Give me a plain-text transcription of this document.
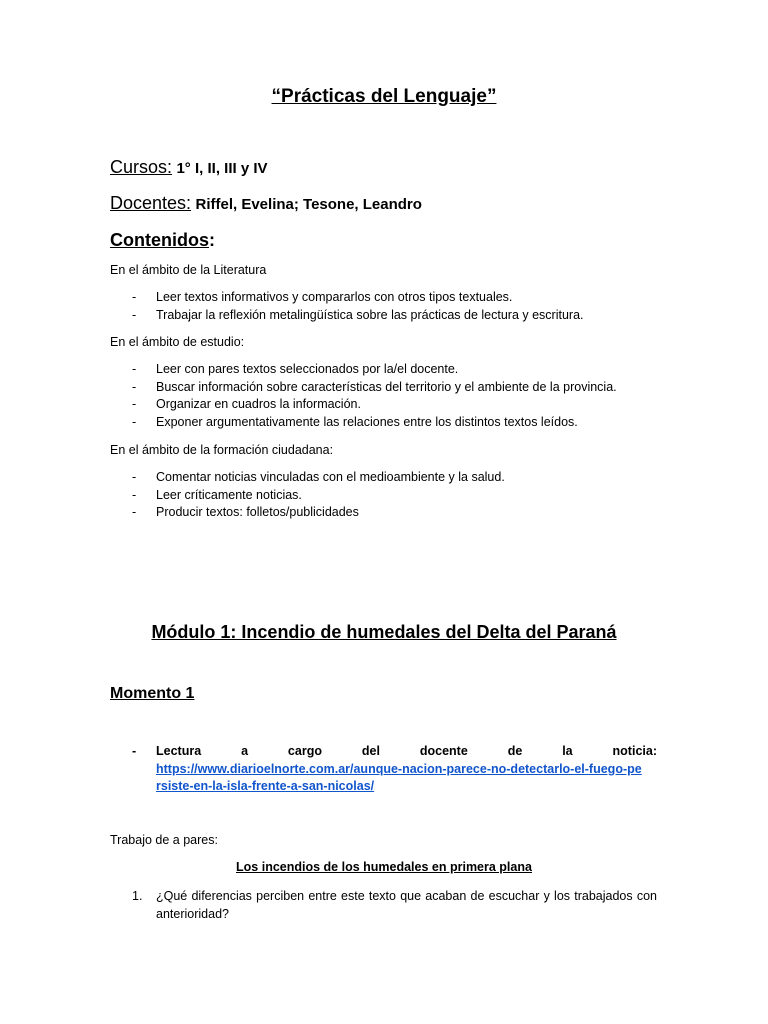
“Prácticas del Lenguaje”
Cursos: 1° I, II, III y IV
Docentes: Riffel, Evelina; Tesone, Leandro
Contenidos:
En el ámbito de la Literatura
- Leer textos informativos y compararlos con otros tipos textuales.
- Trabajar la reflexión metalingüística sobre las prácticas de lectura y escritura.
En el ámbito de estudio:
- Leer con pares textos seleccionados por la/el docente.
- Buscar información sobre características del territorio y el ambiente de la provincia.
- Organizar en cuadros la información.
- Exponer argumentativamente las relaciones entre los distintos textos leídos.
En el ámbito de la formación ciudadana:
- Comentar noticias vinculadas con el medioambiente y la salud.
- Leer críticamente noticias.
- Producir textos: folletos/publicidades
Módulo 1: Incendio de humedales del Delta del Paraná
Momento 1
- Lectura	a	cargo	del	docente	de	la	noticia:
https://www.diarioelnorte.com.ar/aunque-nacion-parece-no-detectarlo-el-fuego-persiste-en-la-isla-frente-a-san-nicolas/
Trabajo de a pares:
Los incendios de los humedales en primera plana
1. ¿Qué diferencias perciben entre este texto que acaban de escuchar y los trabajados con anterioridad?
